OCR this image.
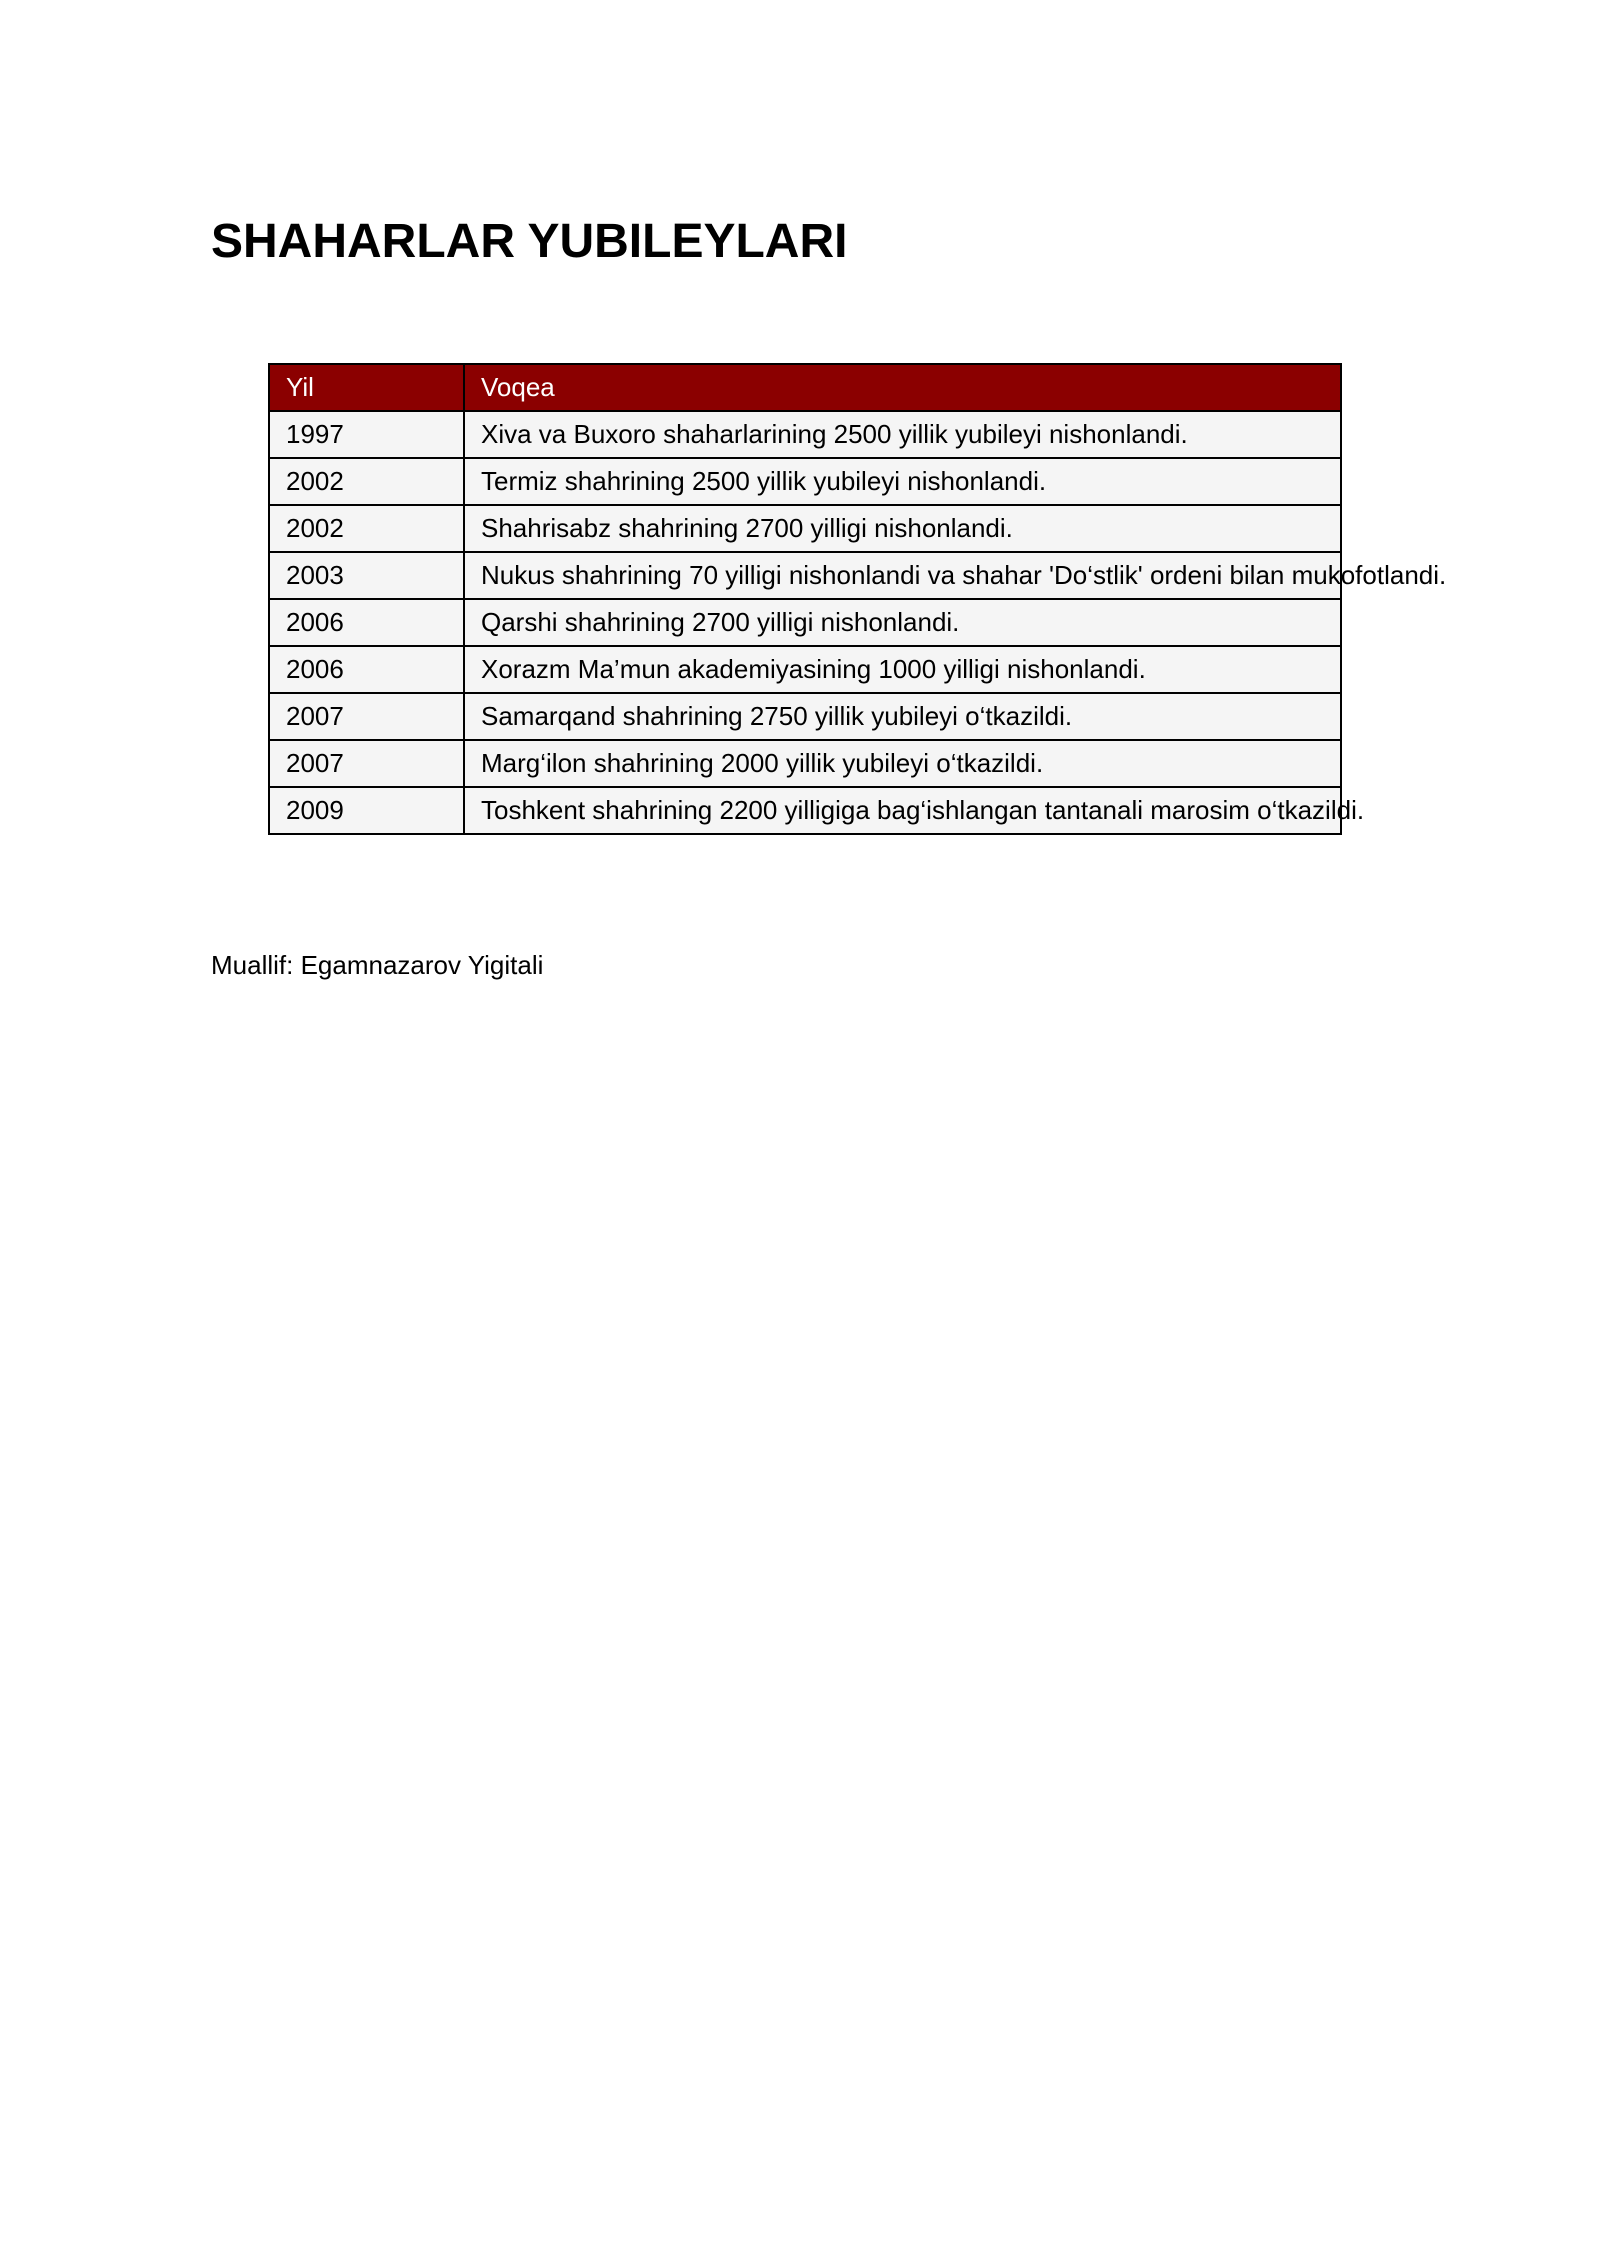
SHAHARLAR YUBILEYLARI
Yil	Voqea
1997	Xiva va Buxoro shaharlarining 2500 yillik yubileyi nishonlandi.
2002	Termiz shahrining 2500 yillik yubileyi nishonlandi.
2002	Shahrisabz shahrining 2700 yilligi nishonlandi.
2003	Nukus shahrining 70 yilligi nishonlandi va shahar 'Do‘stlik' ordeni bilan mukofotlandi.
2006	Qarshi shahrining 2700 yilligi nishonlandi.
2006	Xorazm Ma’mun akademiyasining 1000 yilligi nishonlandi.
2007	Samarqand shahrining 2750 yillik yubileyi o‘tkazildi.
2007	Marg‘ilon shahrining 2000 yillik yubileyi o‘tkazildi.
2009	Toshkent shahrining 2200 yilligiga bag‘ishlangan tantanali marosim o‘tkazildi.

Muallif: Egamnazarov Yigitali
